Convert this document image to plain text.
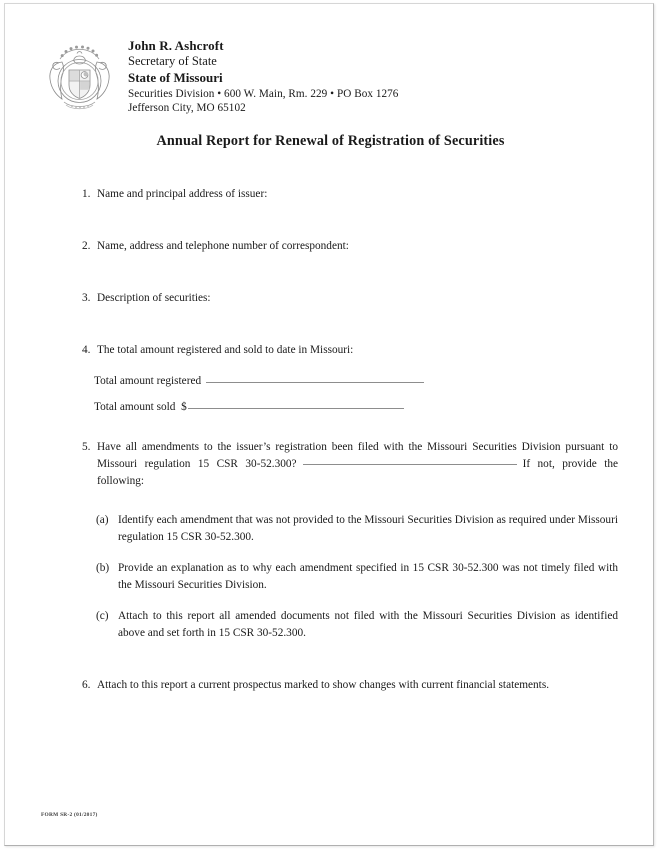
John R. Ashcroft
Secretary of State
State of Missouri
Securities Division • 600 W. Main, Rm. 229 • PO Box 1276
Jefferson City, MO 65102
Annual Report for Renewal of Registration of Securities
1. Name and principal address of issuer:
2. Name, address and telephone number of correspondent:
3. Description of securities:
4. The total amount registered and sold to date in Missouri:
Total amount registered
Total amount sold  $
5. Have all amendments to the issuer’s registration been filed with the Missouri Securities Division pursuant to Missouri regulation 15 CSR 30-52.300?	If not, provide the following:
(a) Identify each amendment that was not provided to the Missouri Securities Division as required under Missouri regulation 15 CSR 30-52.300.
(b) Provide an explanation as to why each amendment specified in 15 CSR 30-52.300 was not timely filed with the Missouri Securities Division.
(c) Attach to this report all amended documents not filed with the Missouri Securities Division as identified above and set forth in 15 CSR 30-52.300.
6. Attach to this report a current prospectus marked to show changes with current financial statements.
FORM SR-2 (01/2017)
